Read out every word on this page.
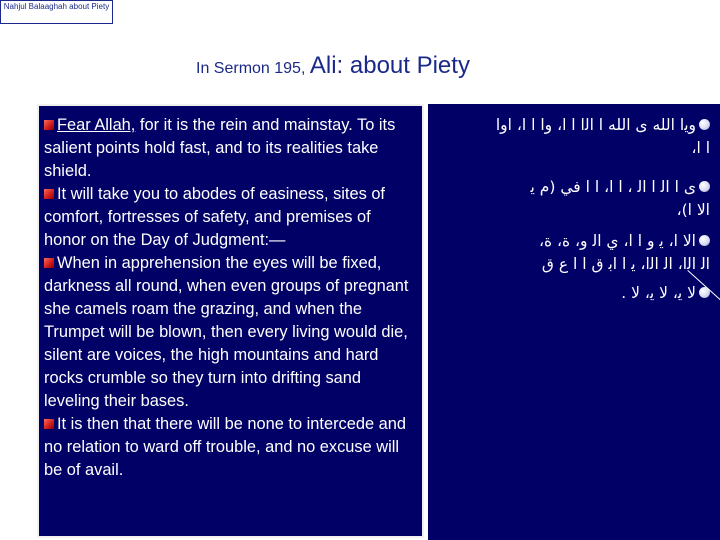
Nahjul Balaaghah about Piety
In Sermon 195, Ali: about Piety

Fear Allah, for it is the rein and mainstay. To its salient points hold fast, and to its realities take shield.

It will take you to abodes of easiness, sites of comfort, fortresses of safety, and premises of honor on the Day of Judgment:—

When in apprehension the eyes will be fixed, darkness all round, when even groups of pregnant she camels roam the grazing, and when the Trumpet will be blown, then every living would die, silent are voices, the high mountains and hard rocks crumble so they turn into drifting sand leveling their bases.

It is then that there will be none to intercede and no relation to ward off trouble, and no excuse will be of avail.

وﻳﺍ ﺍﻟﻠﻪ ﻯ ﺍﻟﻠﻪ ﺍ ﺍﻟﺍ ﺍ ﺍ، ﻭﺍ ﺍ ﺍ، ﺍﻭﺍ

ﺍ ﺍ،

ﻯ ﺍ ﺍﻟ ﺍ ﺍﻟ ، ﺍ ﺍ، ﺍ ﺍ ﻓﻲ (ﻡ ﻳ

ﺍﻻ ﺍ)،

ﺍﻻ ﺍ، ﻳ ﻭ ﺍ ﺍ، ﻱ ﺍﻟ ﻭ، ﺓ، ﺓ،

ﺍﻟ ﺍﻟﺍ، ﺍﻟ ﺍﻟﺍ، ﻳ ﺍ ﺍﺑ ﻕ ﺍ ﺍ ﻉ ﻕ

ﻻ ﻳ، ﻻ ﻳ، ﻻ .
